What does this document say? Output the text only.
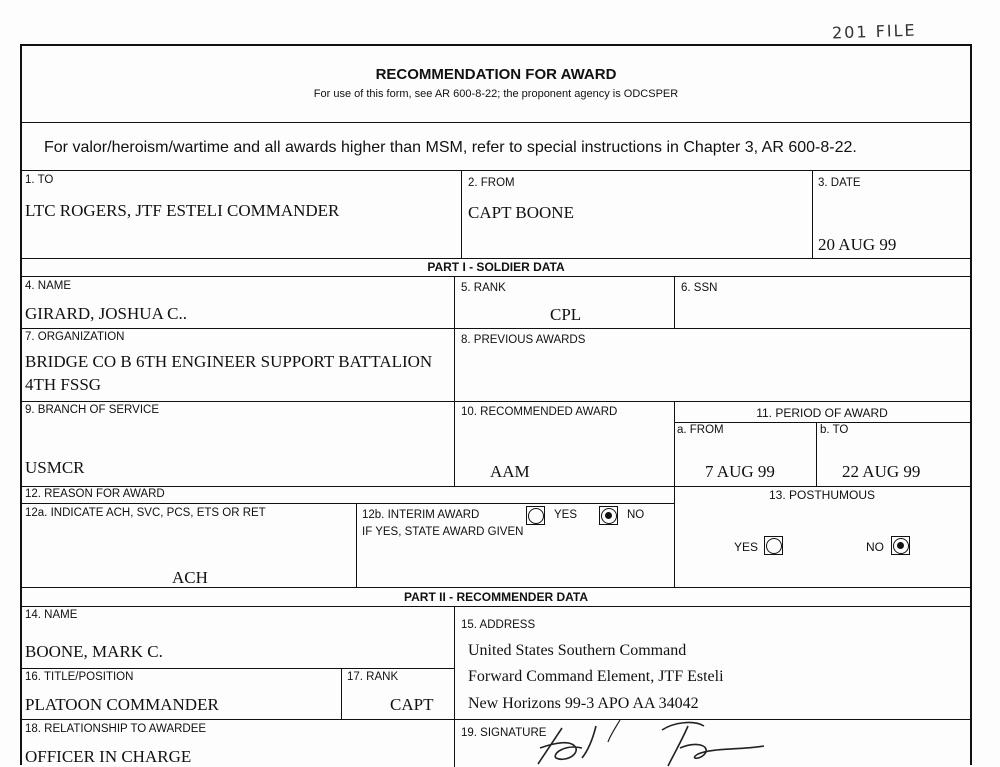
201 FILE
RECOMMENDATION FOR AWARD
For use of this form, see AR 600-8-22; the proponent agency is ODCSPER
For valor/heroism/wartime and all awards higher than MSM, refer to special instructions in Chapter 3, AR 600-8-22.
1. TO
LTC ROGERS, JTF ESTELI COMMANDER
2. FROM
CAPT BOONE
3. DATE
20 AUG 99
PART I - SOLDIER DATA
4. NAME
GIRARD, JOSHUA C..
5. RANK
CPL
6. SSN
7. ORGANIZATION
BRIDGE CO B 6TH ENGINEER SUPPORT BATTALION
4TH FSSG
8. PREVIOUS AWARDS
9. BRANCH OF SERVICE
USMCR
10. RECOMMENDED AWARD
AAM
11. PERIOD OF AWARD
a. FROM
7 AUG 99
b. TO
22 AUG 99
12. REASON FOR AWARD	13. POSTHUMOUS
12a. INDICATE ACH, SVC, PCS, ETS OR RET
ACH
12b. INTERIM AWARD	YES	NO
IF YES, STATE AWARD GIVEN
YES	NO
PART II - RECOMMENDER DATA
14. NAME
BOONE, MARK C.
15. ADDRESS
United States Southern Command
Forward Command Element, JTF Esteli
New Horizons 99-3 APO AA 34042
16. TITLE/POSITION
PLATOON COMMANDER
17. RANK
CAPT
18. RELATIONSHIP TO AWARDEE
OFFICER IN CHARGE
19. SIGNATURE
